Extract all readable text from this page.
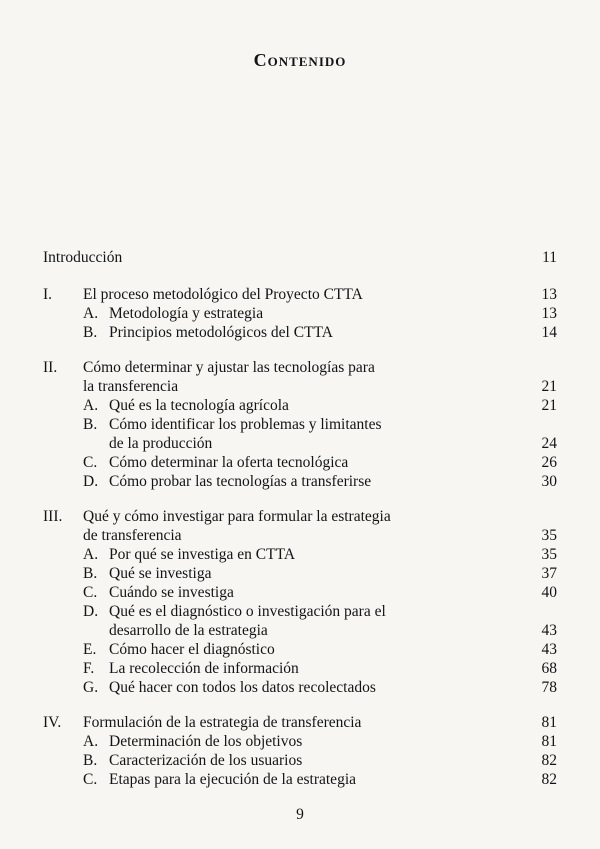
Contenido
Introducción	11
I. El proceso metodológico del Proyecto CTTA	13
A. Metodología y estrategia	13
B. Principios metodológicos del CTTA	14
II. Cómo determinar y ajustar las tecnologías para
la transferencia	21
A. Qué es la tecnología agrícola	21
B. Cómo identificar los problemas y limitantes
de la producción	24
C. Cómo determinar la oferta tecnológica	26
D. Cómo probar las tecnologías a transferirse	30
III. Qué y cómo investigar para formular la estrategia
de transferencia	35
A. Por qué se investiga en CTTA	35
B. Qué se investiga	37
C. Cuándo se investiga	40
D. Qué es el diagnóstico o investigación para el
desarrollo de la estrategia	43
E. Cómo hacer el diagnóstico	43
F. La recolección de información	68
G. Qué hacer con todos los datos recolectados	78
IV. Formulación de la estrategia de transferencia	81
A. Determinación de los objetivos	81
B. Caracterización de los usuarios	82
C. Etapas para la ejecución de la estrategia	82
9
